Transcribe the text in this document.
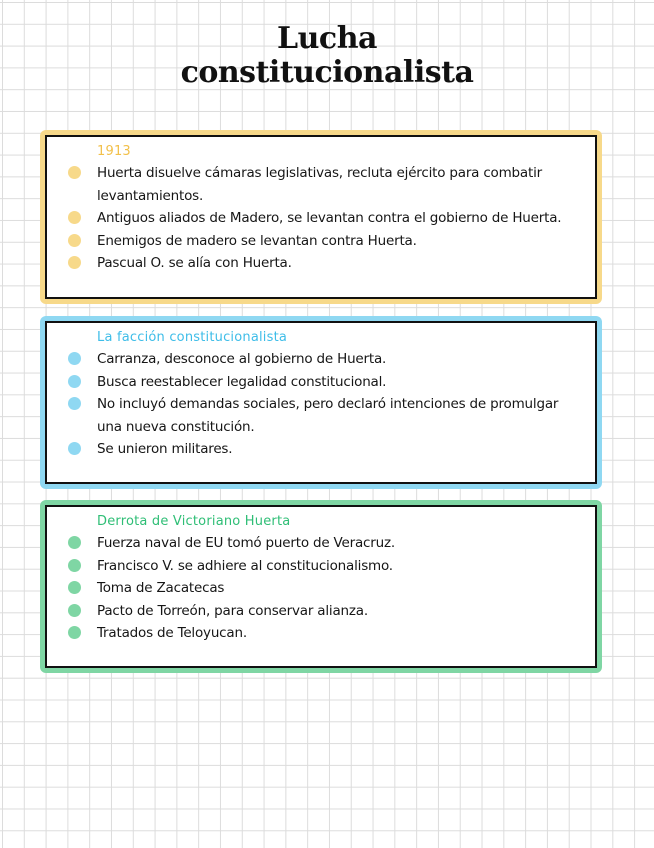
Lucha
constitucionalista
1913
Huerta disuelve cámaras legislativas, recluta ejército para combatir levantamientos.
Antiguos aliados de Madero, se levantan contra el gobierno de Huerta.
Enemigos de madero se levantan contra Huerta.
Pascual O. se alía con Huerta.
La facción constitucionalista
Carranza, desconoce al gobierno de Huerta.
Busca reestablecer legalidad constitucional.
No incluyó demandas sociales, pero declaró intenciones de promulgar una nueva constitución.
Se unieron militares.
Derrota de Victoriano Huerta
Fuerza naval de EU tomó puerto de Veracruz.
Francisco V. se adhiere al constitucionalismo.
Toma de Zacatecas
Pacto de Torreón, para conservar alianza.
Tratados de Teloyucan.
